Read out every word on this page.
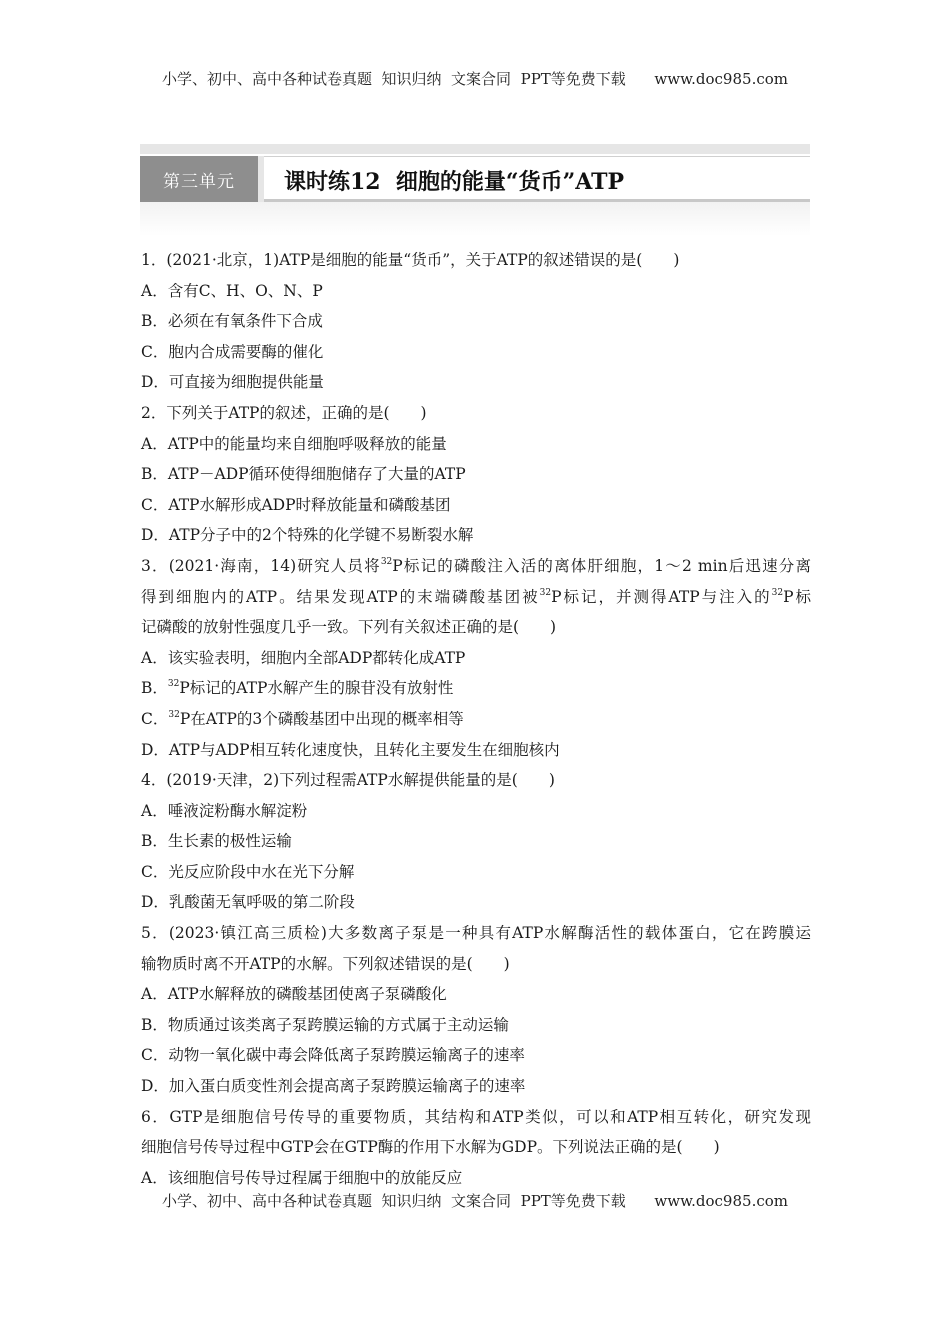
小学、初中、高中各种试卷真题  知识归纳  文案合同  PPT等免费下载      www.doc985.com
第三单元	课时练12  细胞的能量“货币”ATP
1．(2021·北京，1)ATP是细胞的能量“货币”，关于ATP的叙述错误的是(　　)
A．含有C、H、O、N、P
B．必须在有氧条件下合成
C．胞内合成需要酶的催化
D．可直接为细胞提供能量
2．下列关于ATP的叙述，正确的是(　　)
A．ATP中的能量均来自细胞呼吸释放的能量
B．ATP－ADP循环使得细胞储存了大量的ATP
C．ATP水解形成ADP时释放能量和磷酸基团
D．ATP分子中的2个特殊的化学键不易断裂水解
3．(2021·海南，14)研究人员将$^{32}$P标记的磷酸注入活的离体肝细胞，1～2 min后迅速分离
得到细胞内的ATP。结果发现ATP的末端磷酸基团被$^{32}$P标记，并测得ATP与注入的$^{32}$P标
记磷酸的放射性强度几乎一致。下列有关叙述正确的是(　　)
A．该实验表明，细胞内全部ADP都转化成ATP
B．$^{32}$P标记的ATP水解产生的腺苷没有放射性
C．$^{32}$P在ATP的3个磷酸基团中出现的概率相等
D．ATP与ADP相互转化速度快，且转化主要发生在细胞核内
4．(2019·天津，2)下列过程需ATP水解提供能量的是(　　)
A．唾液淀粉酶水解淀粉
B．生长素的极性运输
C．光反应阶段中水在光下分解
D．乳酸菌无氧呼吸的第二阶段
5．(2023·镇江高三质检)大多数离子泵是一种具有ATP水解酶活性的载体蛋白，它在跨膜运
输物质时离不开ATP的水解。下列叙述错误的是(　　)
A．ATP水解释放的磷酸基团使离子泵磷酸化
B．物质通过该类离子泵跨膜运输的方式属于主动运输
C．动物一氧化碳中毒会降低离子泵跨膜运输离子的速率
D．加入蛋白质变性剂会提高离子泵跨膜运输离子的速率
6．GTP是细胞信号传导的重要物质，其结构和ATP类似，可以和ATP相互转化，研究发现
细胞信号传导过程中GTP会在GTP酶的作用下水解为GDP。下列说法正确的是(　　)
A．该细胞信号传导过程属于细胞中的放能反应
小学、初中、高中各种试卷真题  知识归纳  文案合同  PPT等免费下载      www.doc985.com
